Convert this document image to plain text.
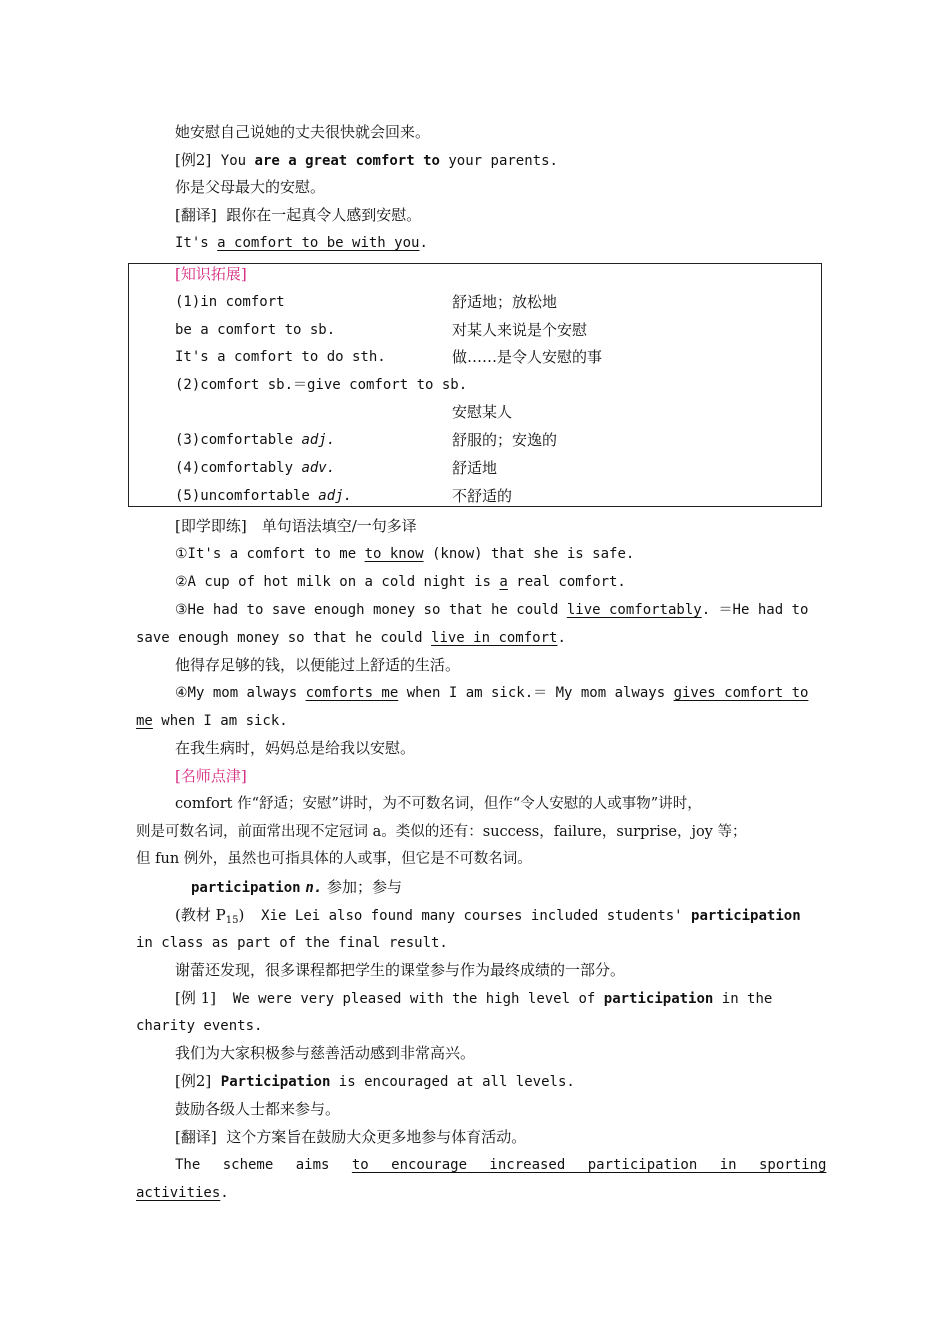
她安慰自己说她的丈夫很快就会回来。
[例2] You are a great comfort to your parents.
你是父母最大的安慰。
[翻译] 跟你在一起真令人感到安慰。
It's a comfort to be with you.
[知识拓展]
(1)in comfort	舒适地；放松地
be a comfort to sb.	对某人来说是个安慰
It's a comfort to do sth.	做……是令人安慰的事
(2)comfort sb.＝give comfort to sb.
安慰某人
(3)comfortable adj.	舒服的；安逸的
(4)comfortably adv.	舒适地
(5)uncomfortable adj.	不舒适的
[即学即练]　单句语法填空/一句多译
①It's a comfort to me to know (know) that she is safe.
②A cup of hot milk on a cold night is a real comfort.
③He had to save enough money so that he could live comfortably. ＝He had to
save enough money so that he could live in comfort.
他得存足够的钱，以便能过上舒适的生活。
④My mom always comforts me when I am sick.＝ My mom always gives comfort to
me when I am sick.
在我生病时，妈妈总是给我以安慰。
[名师点津]
comfort 作“舒适；安慰”讲时，为不可数名词，但作“令人安慰的人或事物”讲时，
则是可数名词，前面常出现不定冠词 a。类似的还有：success，failure，surprise，joy 等；
但 fun 例外，虽然也可指具体的人或事，但它是不可数名词。
participation n. 参加；参与
(教材 $P_{15}$)  Xie Lei also found many courses included students' participation
in class as part of the final result.
谢蕾还发现，很多课程都把学生的课堂参与作为最终成绩的一部分。
[例 1]  We were very pleased with the high level of participation in the
charity events.
我们为大家积极参与慈善活动感到非常高兴。
[例2] Participation is encouraged at all levels.
鼓励各级人士都来参与。
[翻译] 这个方案旨在鼓励大众更多地参与体育活动。
The scheme aims to encourage increased participation in sporting
activities.
